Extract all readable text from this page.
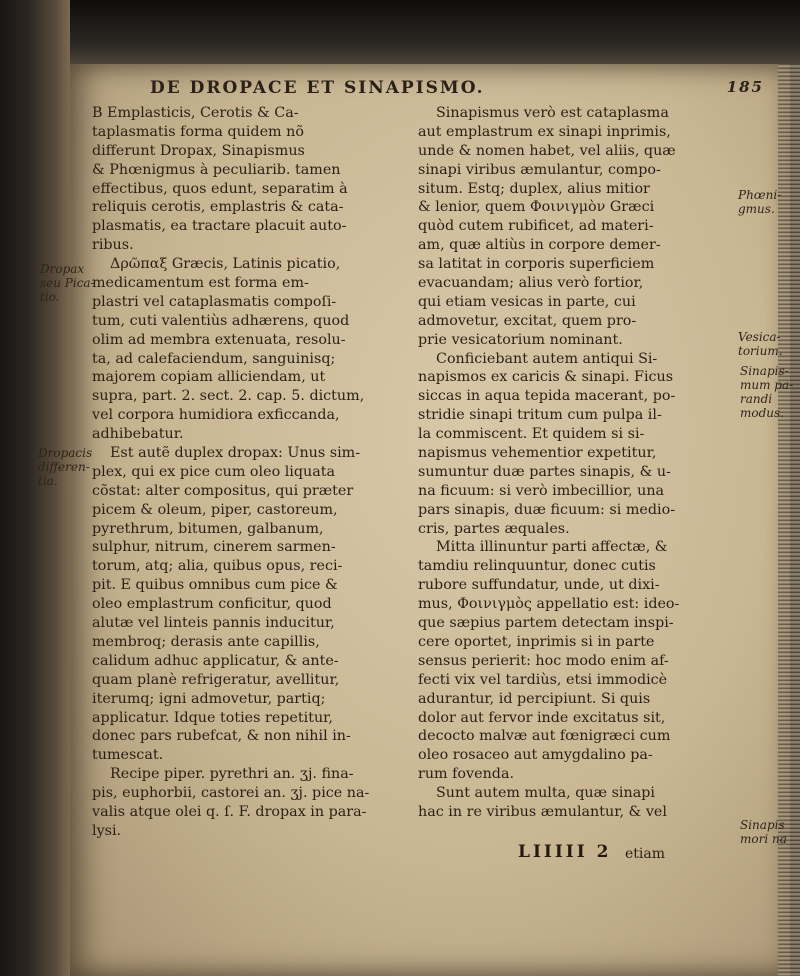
DE DROPACE ET SINAPISMO.	185
B Emplasticis, Cerotis & Ca-
taplasmatis forma quidem nõ
differunt Dropax, Sinapismus
& Phœnigmus à peculiarib. tamen
effectibus, quos edunt, separatim à
reliquis cerotis, emplastris & cata-
plasmatis, ea tractare placuit auto-
ribus.
Δρῶπαξ Græcis, Latinis picatio,
medicamentum est forma em-
plastri vel cataplasmatis compoſi-
tum, cuti valentiùs adhærens, quod
olim ad membra extenuata, resolu-
ta, ad calefaciendum, sanguinisq;
majorem copiam alliciendam, ut
supra, part. 2. sect. 2. cap. 5. dictum,
vel corpora humidiora exficcanda,
adhibebatur.
Est autẽ duplex dropax: Unus sim-
plex, qui ex pice cum oleo liquata
cõstat: alter compositus, qui præter
picem & oleum, piper, castoreum,
pyrethrum, bitumen, galbanum,
sulphur, nitrum, cinerem sarmen-
torum, atq; alia, quibus opus, reci-
pit. E quibus omnibus cum pice &
oleo emplastrum conficitur, quod
alutæ vel linteis pannis inducitur,
membroq; derasis ante capillis,
calidum adhuc applicatur, & ante-
quam planè refrigeratur, avellitur,
iterumq; igni admovetur, partiq;
applicatur. Idque toties repetitur,
donec pars rubefcat, & non nihil in-
tumescat.
Recipe piper. pyrethri an. ʒj. fina-
pis, euphorbii, castorei an. ʒj. pice na-
valis atque olei q. ſ. F. dropax in para-
lysi.
Sinapismus verò est cataplasma
aut emplastrum ex sinapi inprimis,
unde & nomen habet, vel aliis, quæ
sinapi viribus æmulantur, compo-
situm. Estq; duplex, alius mitior
& lenior, quem Φοινιγμὸν Græci
quòd cutem rubificet, ad materi-
am, quæ altiùs in corpore demer-
sa latitat in corporis superficiem
evacuandam; alius verò fortior,
qui etiam vesicas in parte, cui
admovetur, excitat, quem pro-
prie vesicatorium nominant.
Conficiebant autem antiqui Si-
napismos ex caricis & sinapi. Ficus
siccas in aqua tepida macerant, po-
stridie sinapi tritum cum pulpa il-
la commiscent. Et quidem si si-
napismus vehementior expetitur,
sumuntur duæ partes sinapis, & u-
na ficuum: si verò imbecillior, una
pars sinapis, duæ ficuum: si medio-
cris, partes æquales.
Mitta illinuntur parti affectæ, &
tamdiu relinquuntur, donec cutis
rubore suffundatur, unde, ut dixi-
mus, Φοινιγμὸς appellatio est: ideo-
que sæpius partem detectam inspi-
cere oportet, inprimis si in parte
sensus perierit: hoc modo enim af-
fecti vix vel tardiùs, etsi immodicè
adurantur, id percipiunt. Si quis
dolor aut fervor inde excitatus sit,
decocto malvæ aut fœnigræci cum
oleo rosaceo aut amygdalino pa-
rum fovenda.
Sunt autem multa, quæ sinapi
hac in re viribus æmulantur, & vel
Dropax
seu Pica-
tio.
Dropacis
differen-
tia.
Phœni-
gmus.
Vesica-
torium.
Sinapis-
mum pa-
randi
modus.
Sinapis
mori na
LIIIII 2 etiam
